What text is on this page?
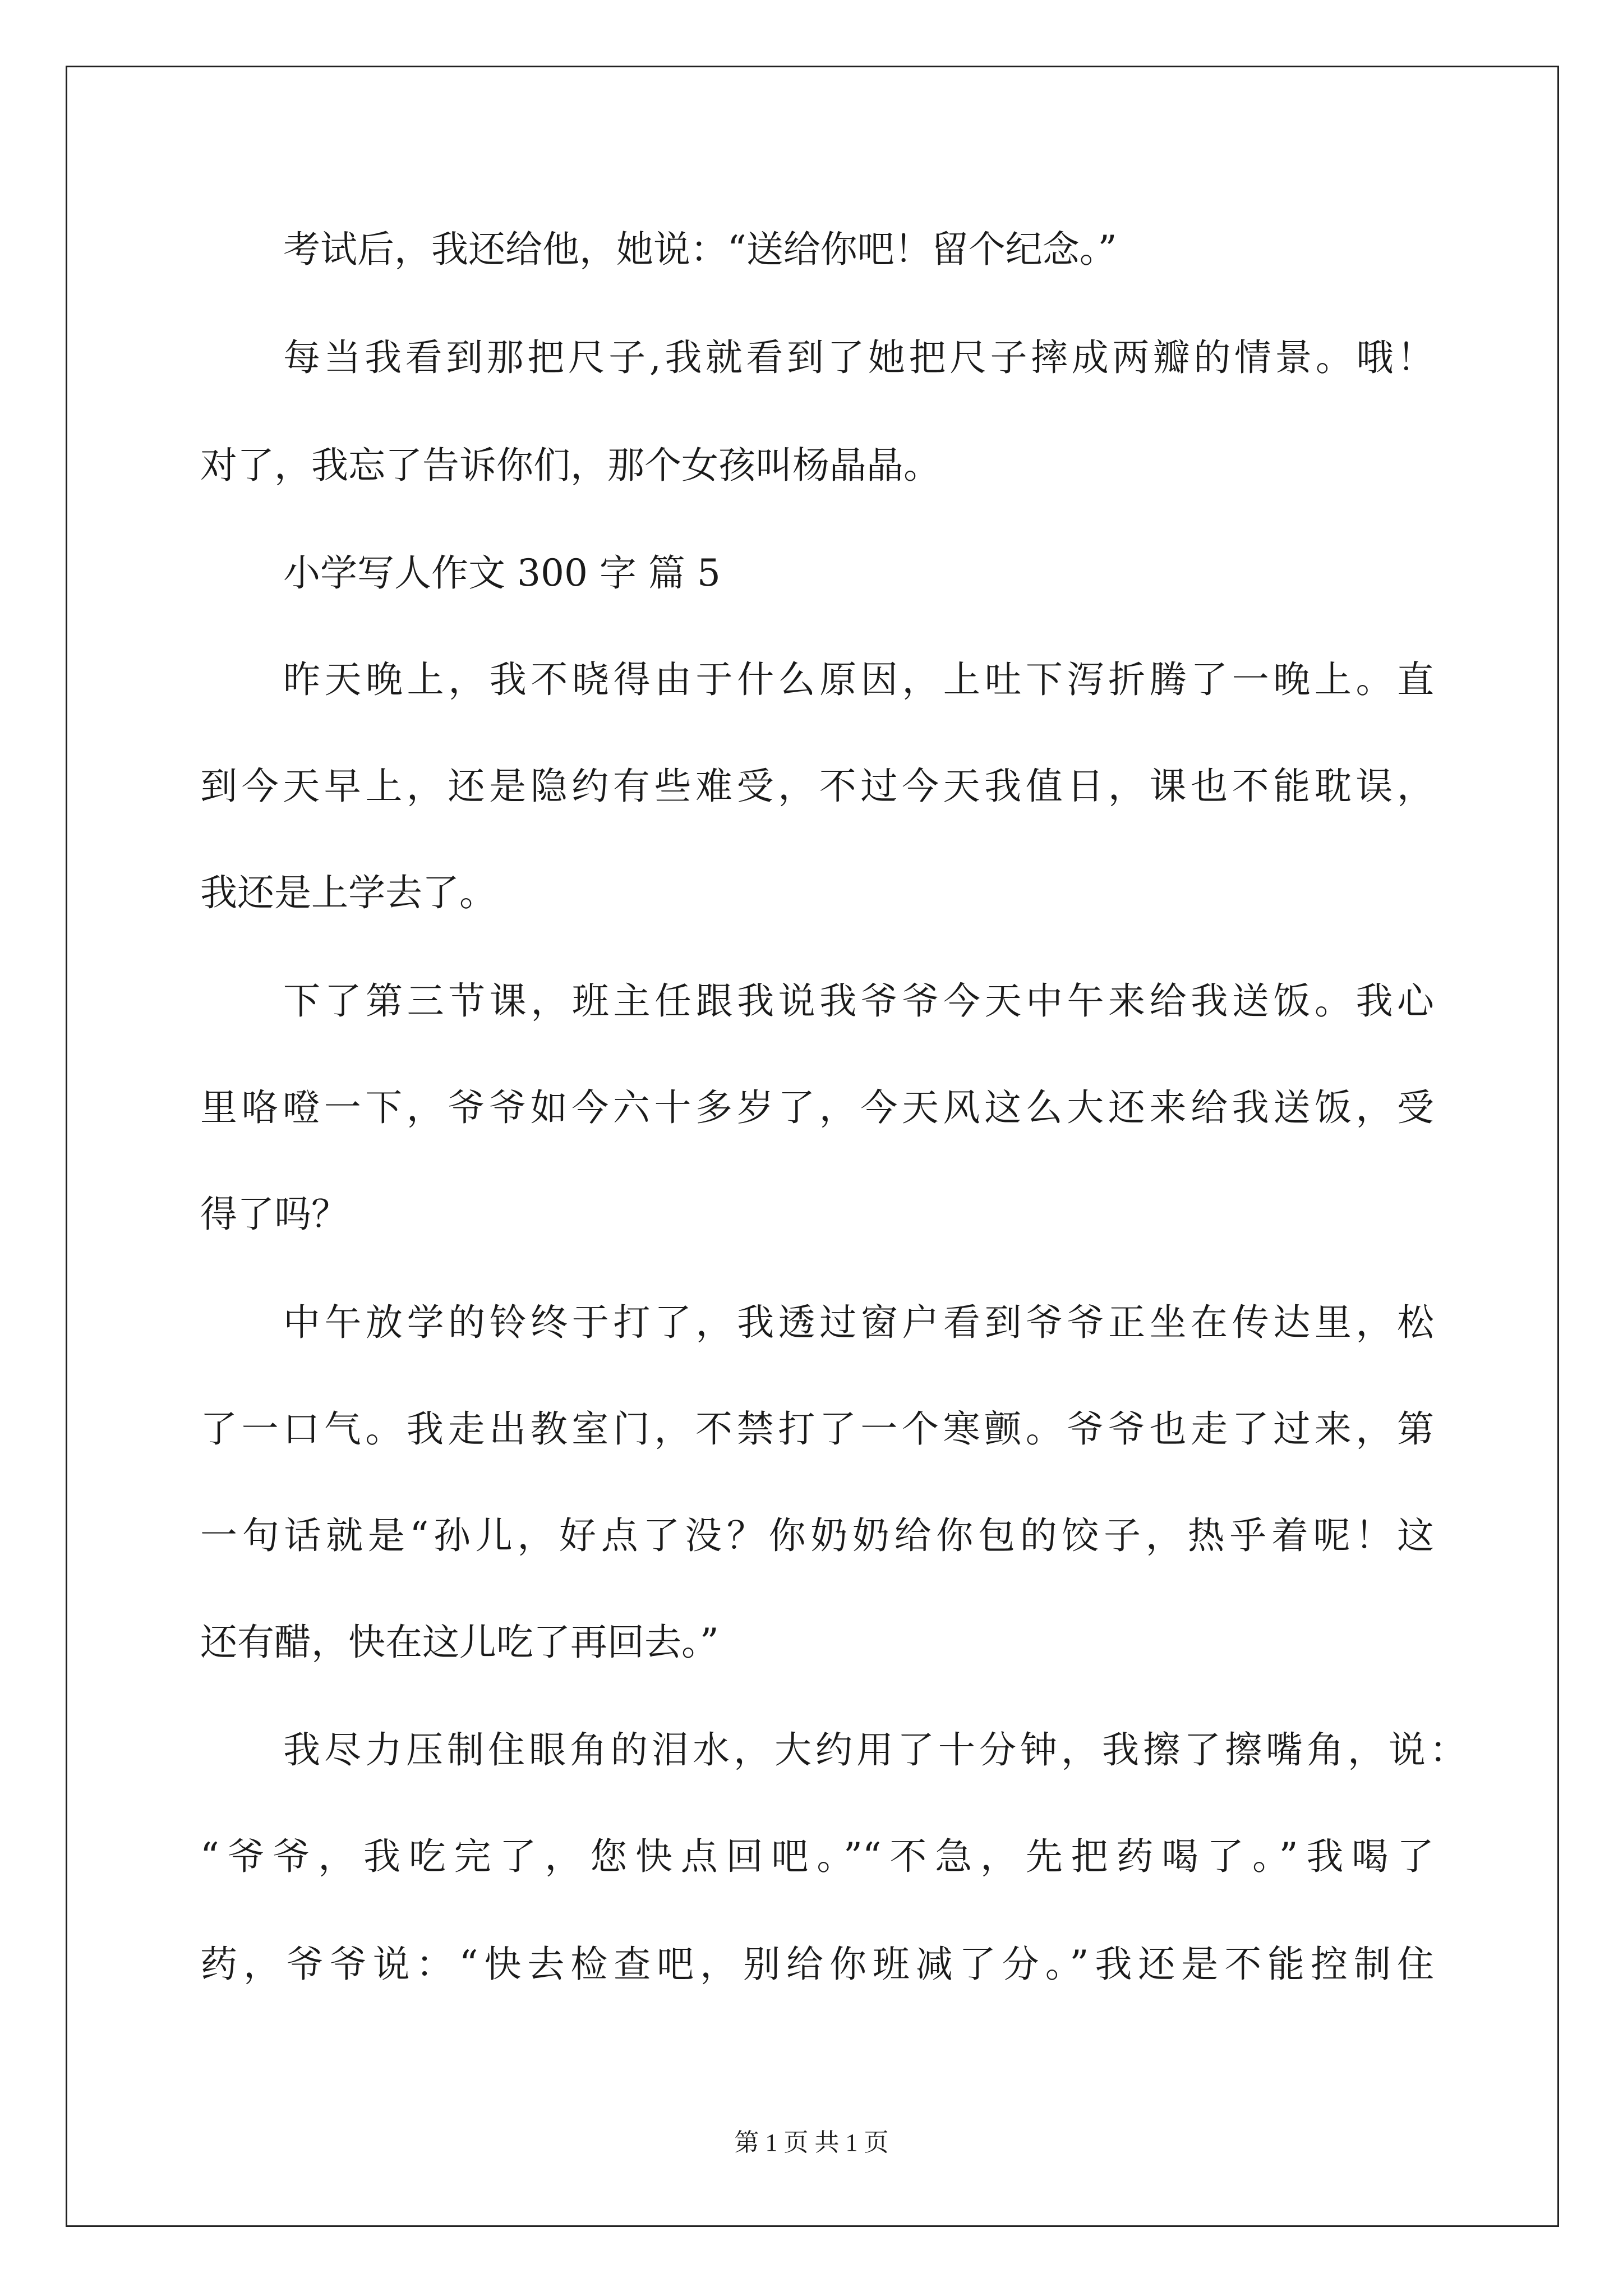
考试后，我还给他，她说：“送给你吧！留个纪念。”
每当我看到那把尺子,我就看到了她把尺子摔成两瓣的情景。哦！
对了，我忘了告诉你们，那个女孩叫杨晶晶。
小学写人作文 300 字 篇 5
昨天晚上，我不晓得由于什么原因，上吐下泻折腾了一晚上。直
到今天早上，还是隐约有些难受，不过今天我值日，课也不能耽误，
我还是上学去了。
下了第三节课，班主任跟我说我爷爷今天中午来给我送饭。我心
里咯噔一下，爷爷如今六十多岁了，今天风这么大还来给我送饭，受
得了吗？
中午放学的铃终于打了，我透过窗户看到爷爷正坐在传达里，松
了一口气。我走出教室门，不禁打了一个寒颤。爷爷也走了过来，第
一句话就是“孙儿，好点了没？你奶奶给你包的饺子，热乎着呢！这
还有醋，快在这儿吃了再回去。”
我尽力压制住眼角的泪水，大约用了十分钟，我擦了擦嘴角，说：
“爷爷，我吃完了，您快点回吧。”“不急，先把药喝了。”我喝了
药，爷爷说：“快去检查吧，别给你班减了分。”我还是不能控制住
第 1 页 共 1 页
